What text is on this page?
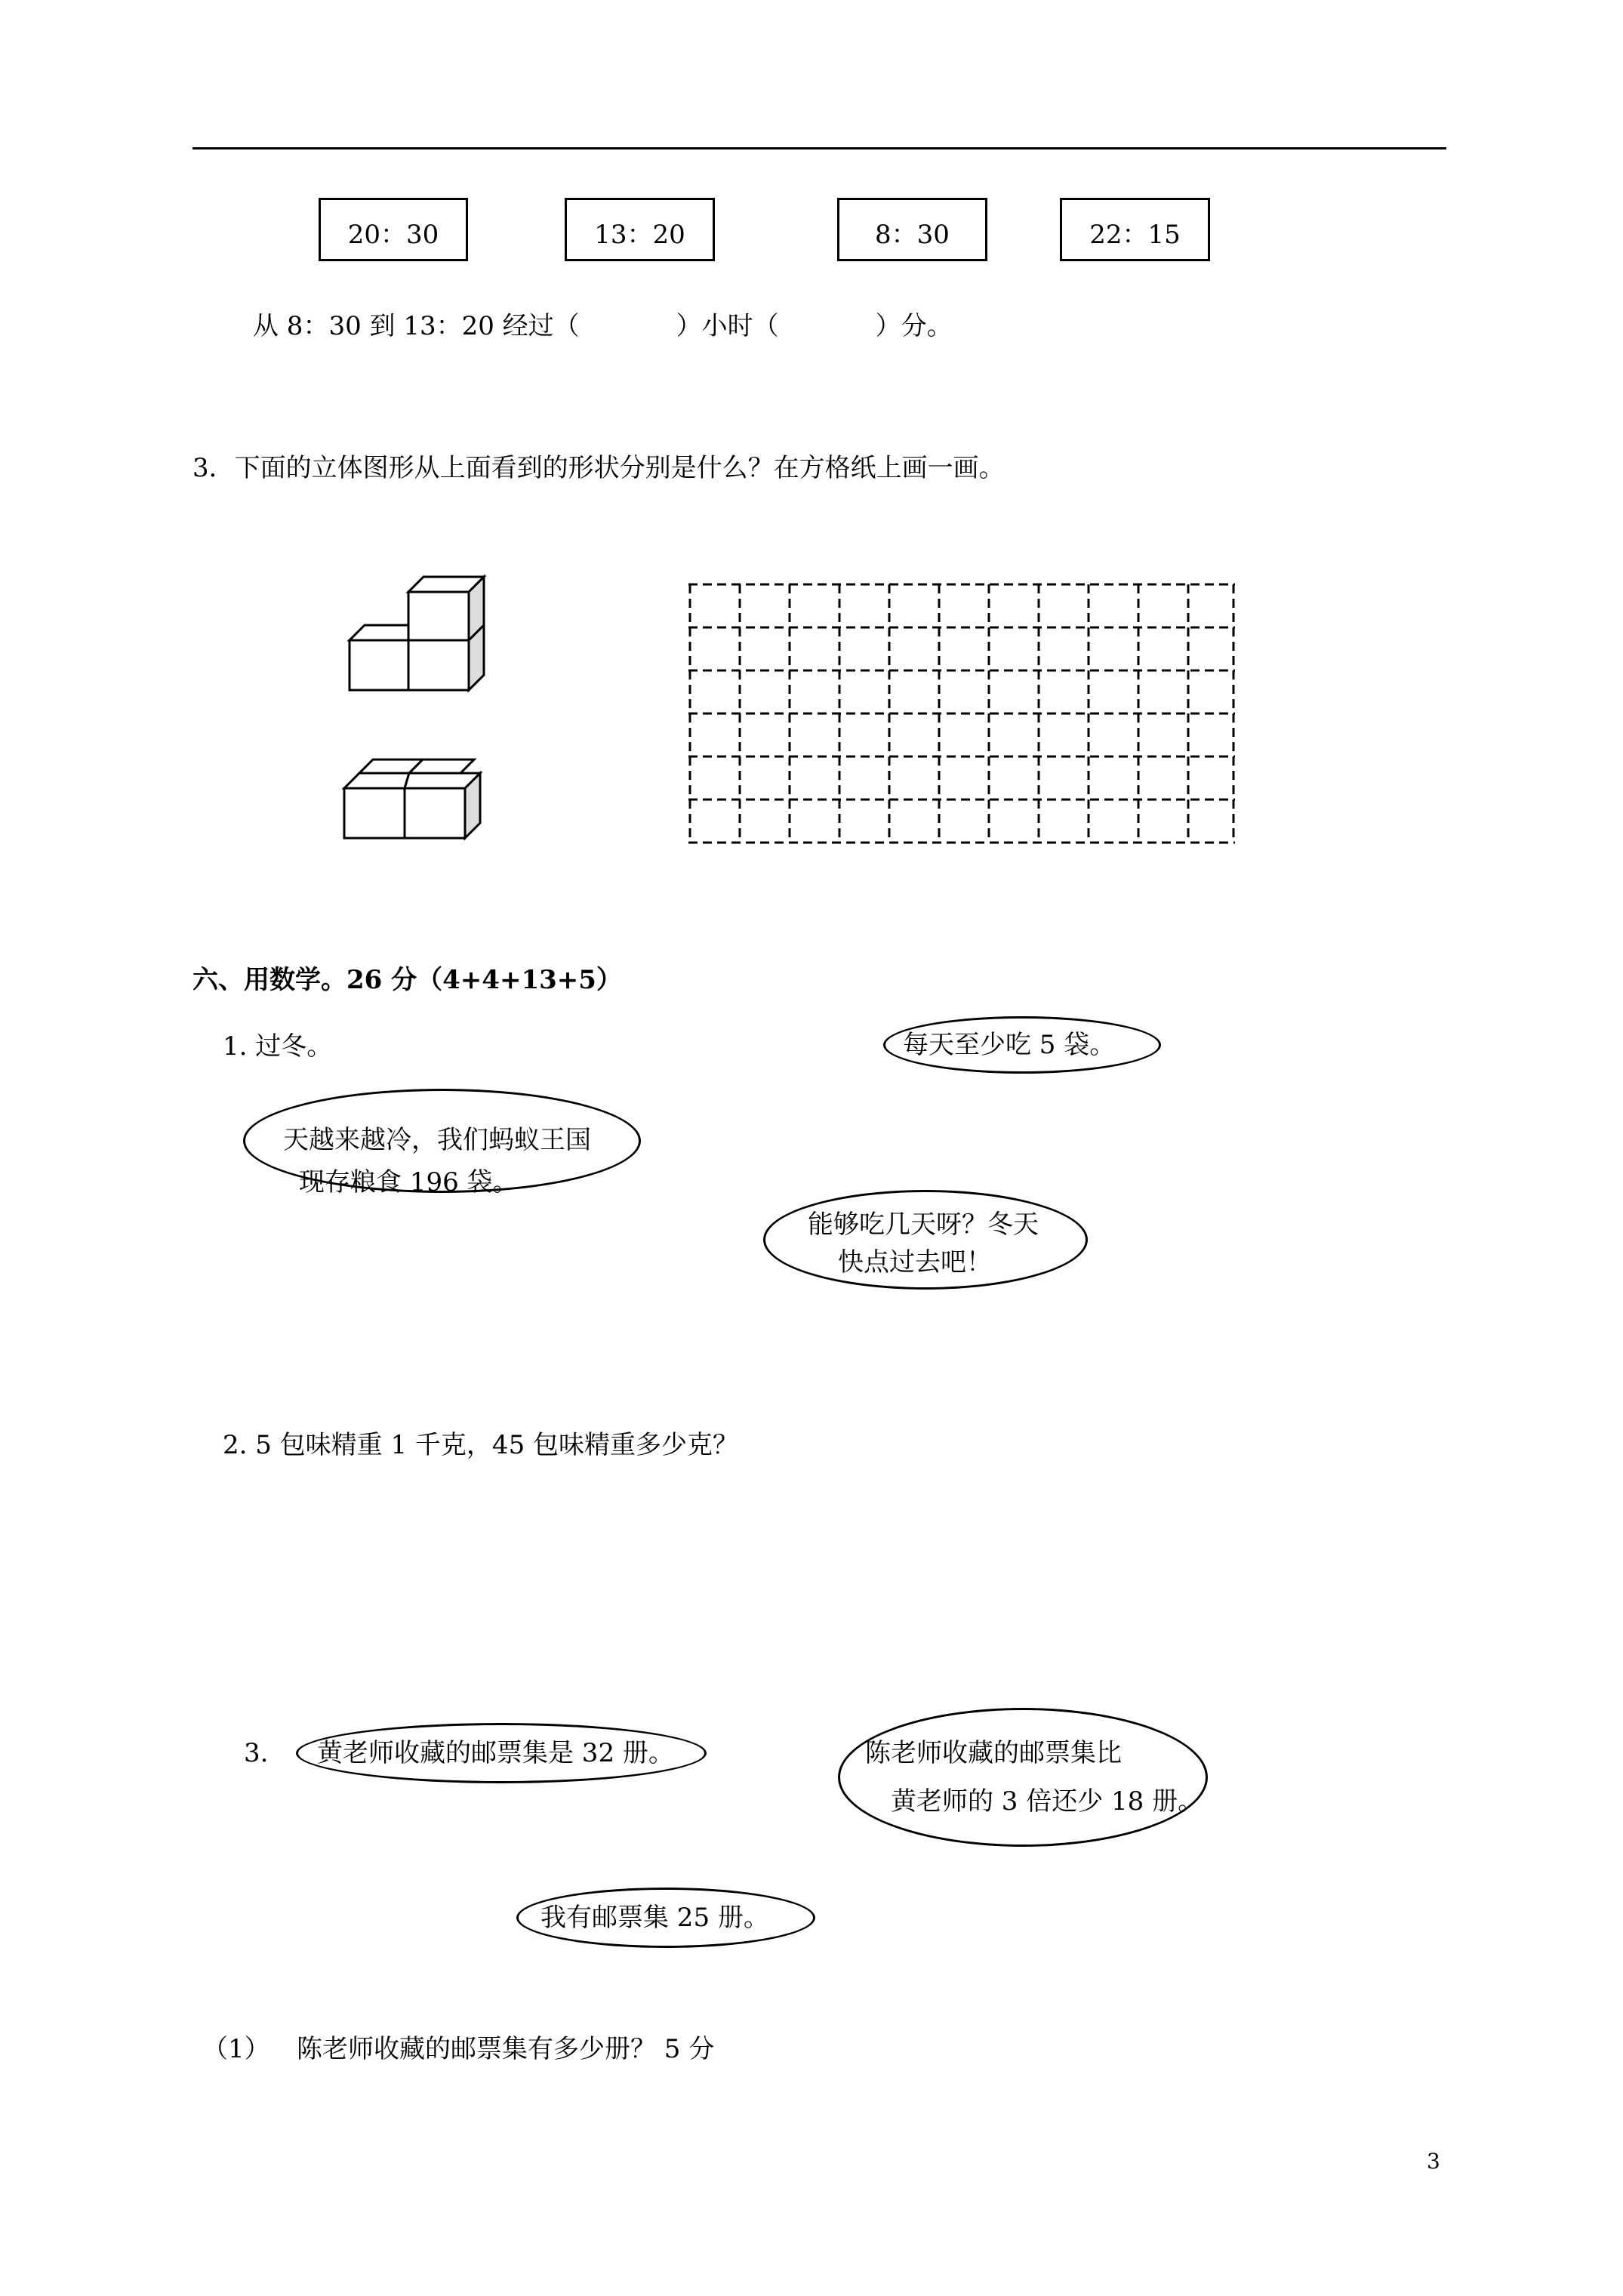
20：30	13：20	8：30	22：15
从 8：30 到 13：20 经过（	）小时（	）分。
3．下面的立体图形从上面看到的形状分别是什么？在方格纸上画一画。
六、用数学。26 分（4+4+13+5）
1. 过冬。	每天至少吃 5 袋。
天越来越冷，我们蚂蚁王国
现存粮食 196 袋。
能够吃几天呀？冬天
快点过去吧！
2. 5 包味精重 1 千克，45 包味精重多少克？
3. 黄老师收藏的邮票集是 32 册。	陈老师收藏的邮票集比
黄老师的 3 倍还少 18 册。
我有邮票集 25 册。
（1） 陈老师收藏的邮票集有多少册？ 5 分
3
